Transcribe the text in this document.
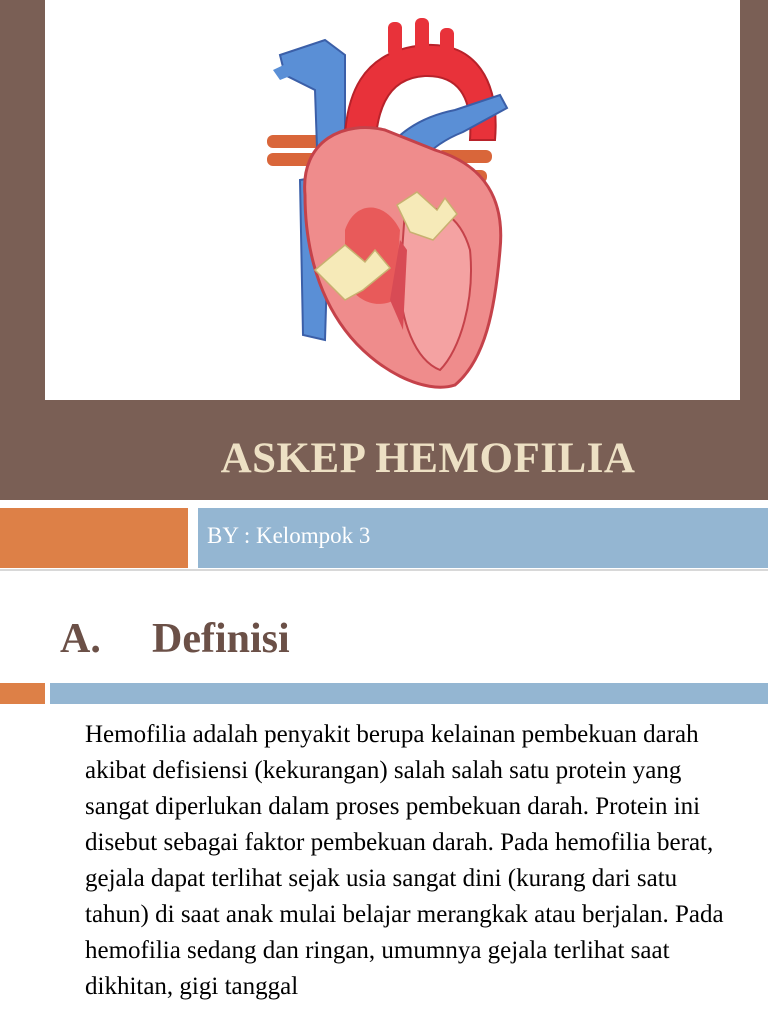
ASKEP HEMOFILIA

BY : Kelompok 3

A. Definisi

Hemofilia adalah penyakit berupa kelainan pembekuan darah akibat defisiensi (kekurangan) salah salah satu protein yang sangat diperlukan dalam proses pembekuan darah. Protein ini disebut sebagai faktor pembekuan darah. Pada hemofilia berat, gejala dapat terlihat sejak usia sangat dini (kurang dari satu tahun) di saat anak mulai belajar merangkak atau berjalan. Pada hemofilia sedang dan ringan, umumnya gejala terlihat saat dikhitan, gigi tanggal
